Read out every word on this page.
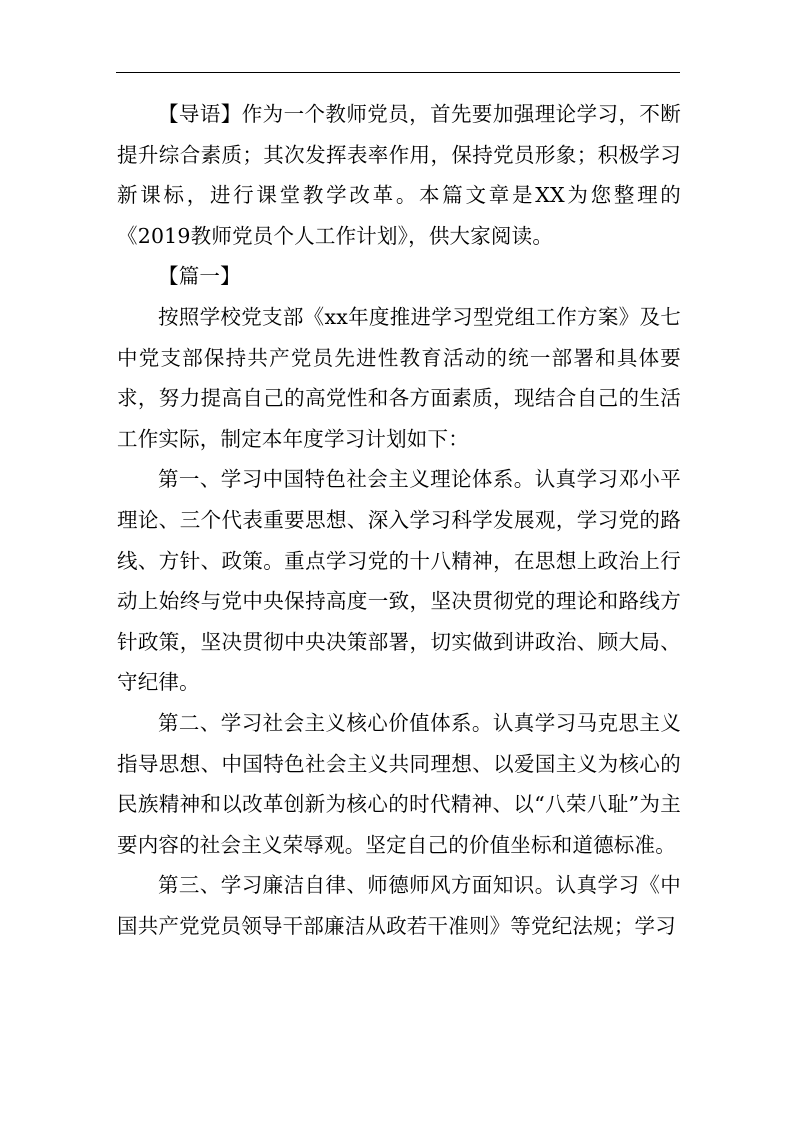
【导语】作为一个教师党员，首先要加强理论学习，不断提升综合素质；其次发挥表率作用，保持党员形象；积极学习新课标，进行课堂教学改革。本篇文章是XX为您整理的《2019教师党员个人工作计划》，供大家阅读。

【篇一】

按照学校党支部《xx年度推进学习型党组工作方案》及七中党支部保持共产党员先进性教育活动的统一部署和具体要求，努力提高自己的高党性和各方面素质，现结合自己的生活工作实际，制定本年度学习计划如下：

第一、学习中国特色社会主义理论体系。认真学习邓小平理论、三个代表重要思想、深入学习科学发展观，学习党的路线、方针、政策。重点学习党的十八精神，在思想上政治上行动上始终与党中央保持高度一致，坚决贯彻党的理论和路线方针政策，坚决贯彻中央决策部署，切实做到讲政治、顾大局、守纪律。

第二、学习社会主义核心价值体系。认真学习马克思主义指导思想、中国特色社会主义共同理想、以爱国主义为核心的民族精神和以改革创新为核心的时代精神、以“八荣八耻”为主要内容的社会主义荣辱观。坚定自己的价值坐标和道德标准。

第三、学习廉洁自律、师德师风方面知识。认真学习《中国共产党党员领导干部廉洁从政若干准则》等党纪法规；学习
